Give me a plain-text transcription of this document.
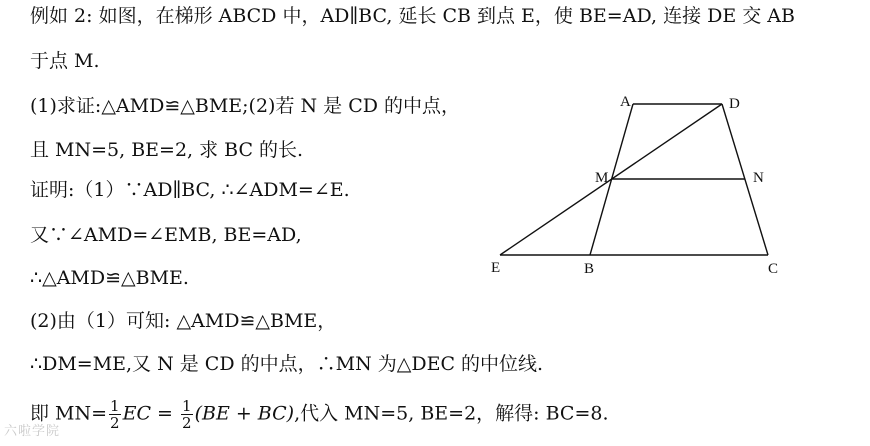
例如 2: 如图，在梯形 ABCD 中，AD∥BC, 延长 CB 到点 E，使 BE=AD, 连接 DE 交 AB
于点 M.
(1)求证:△AMD≌△BME;(2)若 N 是 CD 的中点，
且 MN=5, BE=2, 求 BC 的长.
证明:（1）∵AD∥BC, ∴∠ADM=∠E.
又∵∠AMD=∠EMB, BE=AD,
∴△AMD≌△BME.
(2)由（1）可知: △AMD≌△BME，
∴DM=ME,又 N 是 CD 的中点，∴MN 为△DEC 的中位线.
即 $MN= \frac{1}{2}$ EC = $\frac{1}{2} (BE + BC)$,代入 MN=5, BE=2，解得: BC=8.
A	D
M	N
E	B	C
六啦学院
